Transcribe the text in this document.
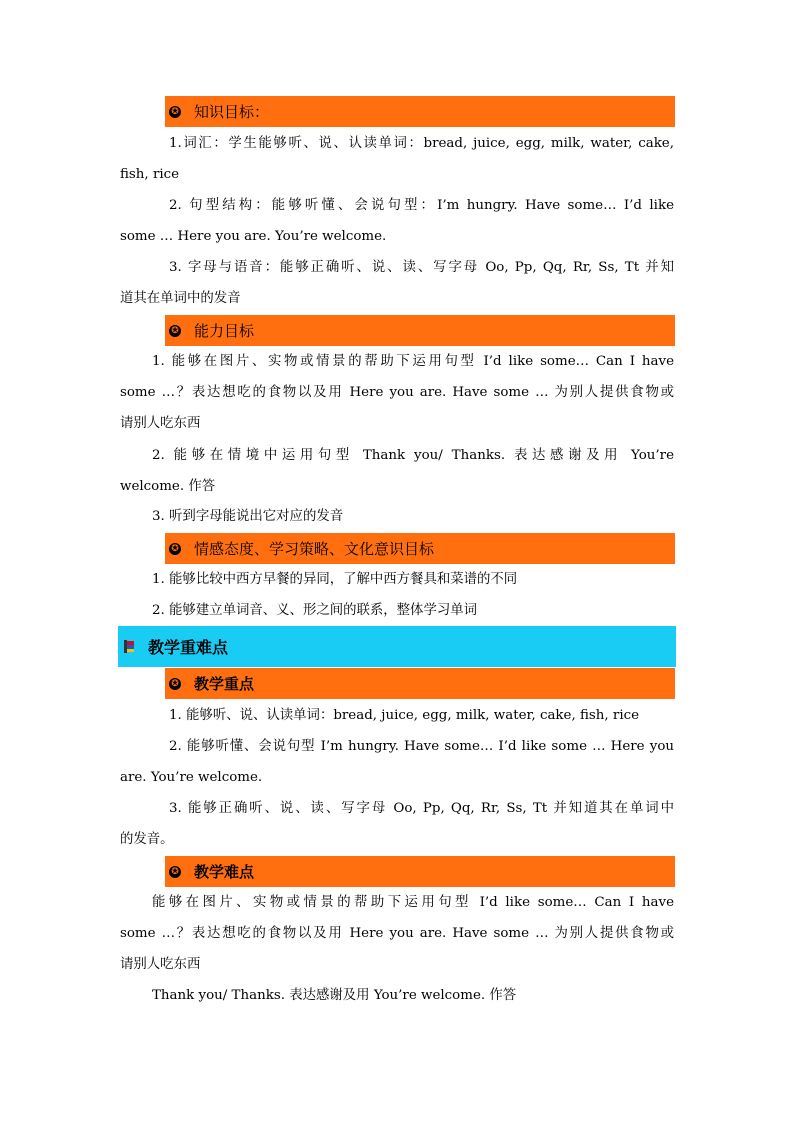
✪ 知识目标：
1.词汇：学生能够听、说、认读单词：bread, juice, egg, milk, water, cake,
fish, rice
2. 句型结构：能够听懂、会说句型：I’m hungry. Have some… I’d like
some … Here you are. You’re welcome.
3. 字母与语音：能够正确听、说、读、写字母 Oo, Pp, Qq, Rr, Ss, Tt 并知
道其在单词中的发音
✪ 能力目标
1. 能够在图片、实物或情景的帮助下运用句型 I’d like some… Can I have
some …？表达想吃的食物以及用 Here you are. Have some … 为别人提供食物或
请别人吃东西
2. 能够在情境中运用句型 Thank you/ Thanks. 表达感谢及用 You’re
welcome. 作答
3. 听到字母能说出它对应的发音
✪ 情感态度、学习策略、文化意识目标
1. 能够比较中西方早餐的异同，了解中西方餐具和菜谱的不同
2. 能够建立单词音、义、形之间的联系，整体学习单词
教学重难点
✪ 教学重点
1. 能够听、说、认读单词：bread, juice, egg, milk, water, cake, fish, rice
2. 能够听懂、会说句型 I’m hungry. Have some… I’d like some … Here you
are. You’re welcome.
3. 能够正确听、说、读、写字母 Oo, Pp, Qq, Rr, Ss, Tt 并知道其在单词中
的发音。
✪ 教学难点
能够在图片、实物或情景的帮助下运用句型 I’d like some… Can I have
some …？表达想吃的食物以及用 Here you are. Have some … 为别人提供食物或
请别人吃东西
Thank you/ Thanks. 表达感谢及用 You’re welcome. 作答
